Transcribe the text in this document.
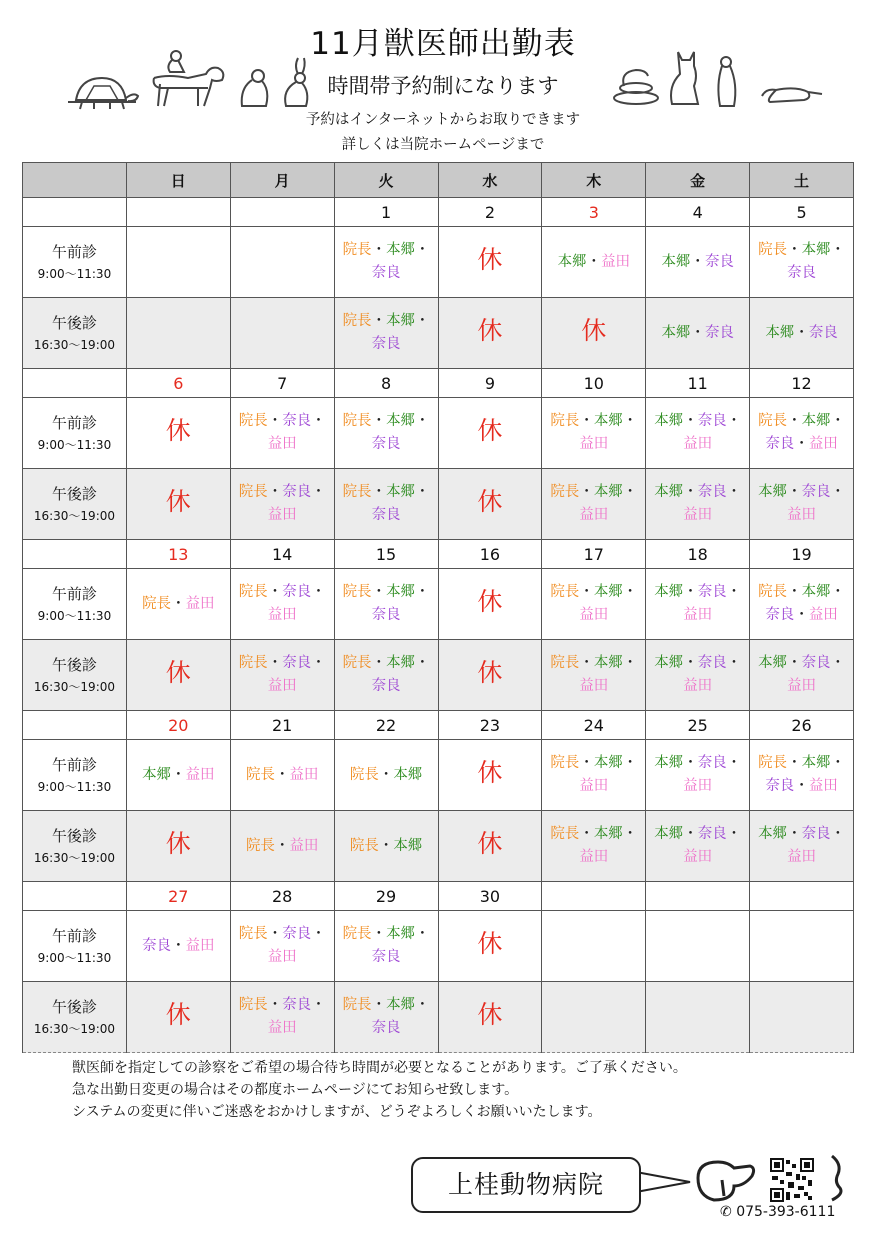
11月獣医師出勤表
時間帯予約制になります
予約はインターネットからお取りできます
詳しくは当院ホームページまで
	日	月	火	水	木	金	土
			1	2	3	4	5
午前診
9:00〜11:30			院長・本郷・
奈良	休	本郷・益田	本郷・奈良	院長・本郷・
奈良

午後診
16:30〜19:00			院長・本郷・
奈良	休	休	本郷・奈良	本郷・奈良

	6	7	8	9	10	11	12
午前診
9:00〜11:30	休	院長・奈良・
益田	院長・本郷・
奈良	休	院長・本郷・
益田	本郷・奈良・
益田	院長・本郷・
奈良・益田

午後診
16:30〜19:00	休	院長・奈良・
益田	院長・本郷・
奈良	休	院長・本郷・
益田	本郷・奈良・
益田	本郷・奈良・
益田

	13	14	15	16	17	18	19
午前診
9:00〜11:30	院長・益田	院長・奈良・
益田	院長・本郷・
奈良	休	院長・本郷・
益田	本郷・奈良・
益田	院長・本郷・
奈良・益田

午後診
16:30〜19:00	休	院長・奈良・
益田	院長・本郷・
奈良	休	院長・本郷・
益田	本郷・奈良・
益田	本郷・奈良・
益田

	20	21	22	23	24	25	26
午前診
9:00〜11:30	本郷・益田	院長・益田	院長・本郷	休	院長・本郷・
益田	本郷・奈良・
益田	院長・本郷・
奈良・益田

午後診
16:30〜19:00	休	院長・益田	院長・本郷	休	院長・本郷・
益田	本郷・奈良・
益田	本郷・奈良・
益田

	27	28	29	30			
午前診
9:00〜11:30	奈良・益田	院長・奈良・
益田	院長・本郷・
奈良	休			
午後診
16:30〜19:00	休	院長・奈良・
益田	院長・本郷・
奈良	休			
獣医師を指定しての診察をご希望の場合待ち時間が必要となることがあります。ご了承ください。
急な出勤日変更の場合はその都度ホームページにてお知らせ致します。
システムの変更に伴いご迷惑をおかけしますが、どうぞよろしくお願いいたします。
上桂動物病院
✆ 075-393-6111
